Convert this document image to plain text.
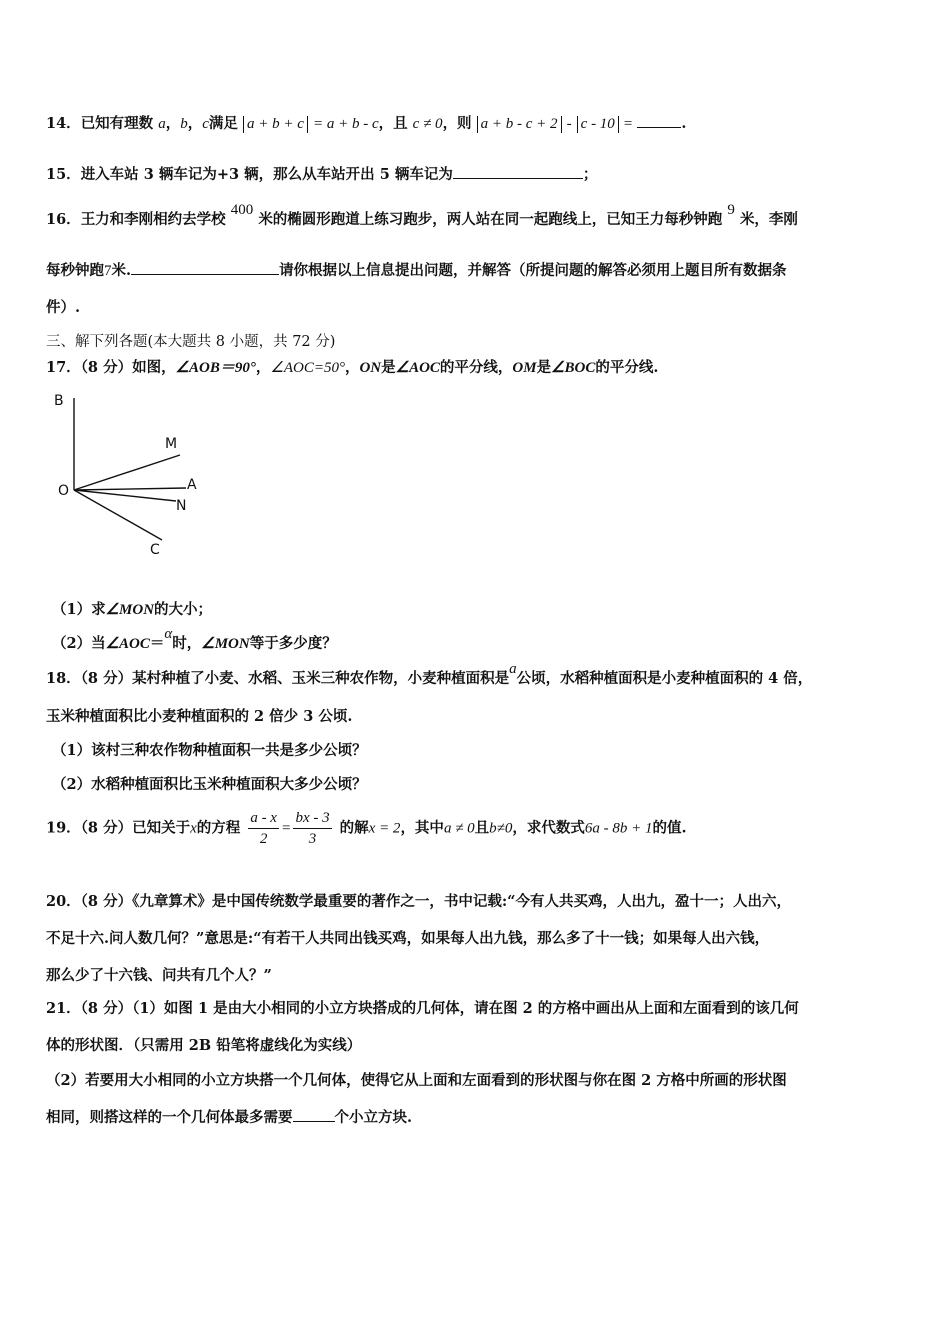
14．已知有理数 a，b，c满足 a + b + c = a + b - c，且 c ≠ 0，则 a + b - c + 2 - c - 10 =	.
15．进入车站 3 辆车记为+3 辆，那么从车站开出 5 辆车记为	；
16．王力和李刚相约去学校 400 米的椭圆形跑道上练习跑步，两人站在同一起跑线上，已知王力每秒钟跑 9 米，李刚
每秒钟跑7米.	请你根据以上信息提出问题，并解答（所提问题的解答必须用上题目所有数据条
件）.
三、解下列各题(本大题共 8 小题，共 72 分)
17．（8 分）如图，∠AOB＝90°，∠AOC=50°，ON是∠AOC的平分线，OM是∠BOC的平分线.
B
M
O	A
N
C
（1）求∠MON的大小；
（2）当∠AOC＝α时，∠MON等于多少度？
18．（8 分）某村种植了小麦、水稻、玉米三种农作物，小麦种植面积是a公顷，水稻种植面积是小麦种植面积的 4 倍，
玉米种植面积比小麦种植面积的 2 倍少 3 公顷.
（1）该村三种农作物种植面积一共是多少公顷？
（2）水稻种植面积比玉米种植面积大多少公顷？
19．（8 分）已知关于x的方程 $\frac{a - x}{2} = \frac{bx - 3}{3}$ 的解x = 2，其中a ≠ 0且b≠0，求代数式6a - 8b + 1的值.
20．（8 分）《九章算术》是中国传统数学最重要的著作之一，书中记载:“今有人共买鸡，人出九，盈十一；人出六，
不足十六.问人数几何？”意思是:“有若干人共同出钱买鸡，如果每人出九钱，那么多了十一钱；如果每人出六钱，
那么少了十六钱、问共有几个人？”
21．（8 分）（1）如图 1 是由大小相同的小立方块搭成的几何体，请在图 2 的方格中画出从上面和左面看到的该几何
体的形状图．（只需用 2B 铅笔将虚线化为实线）
（2）若要用大小相同的小立方块搭一个几何体，使得它从上面和左面看到的形状图与你在图 2 方格中所画的形状图
相同，则搭这样的一个几何体最多需要	个小立方块.
